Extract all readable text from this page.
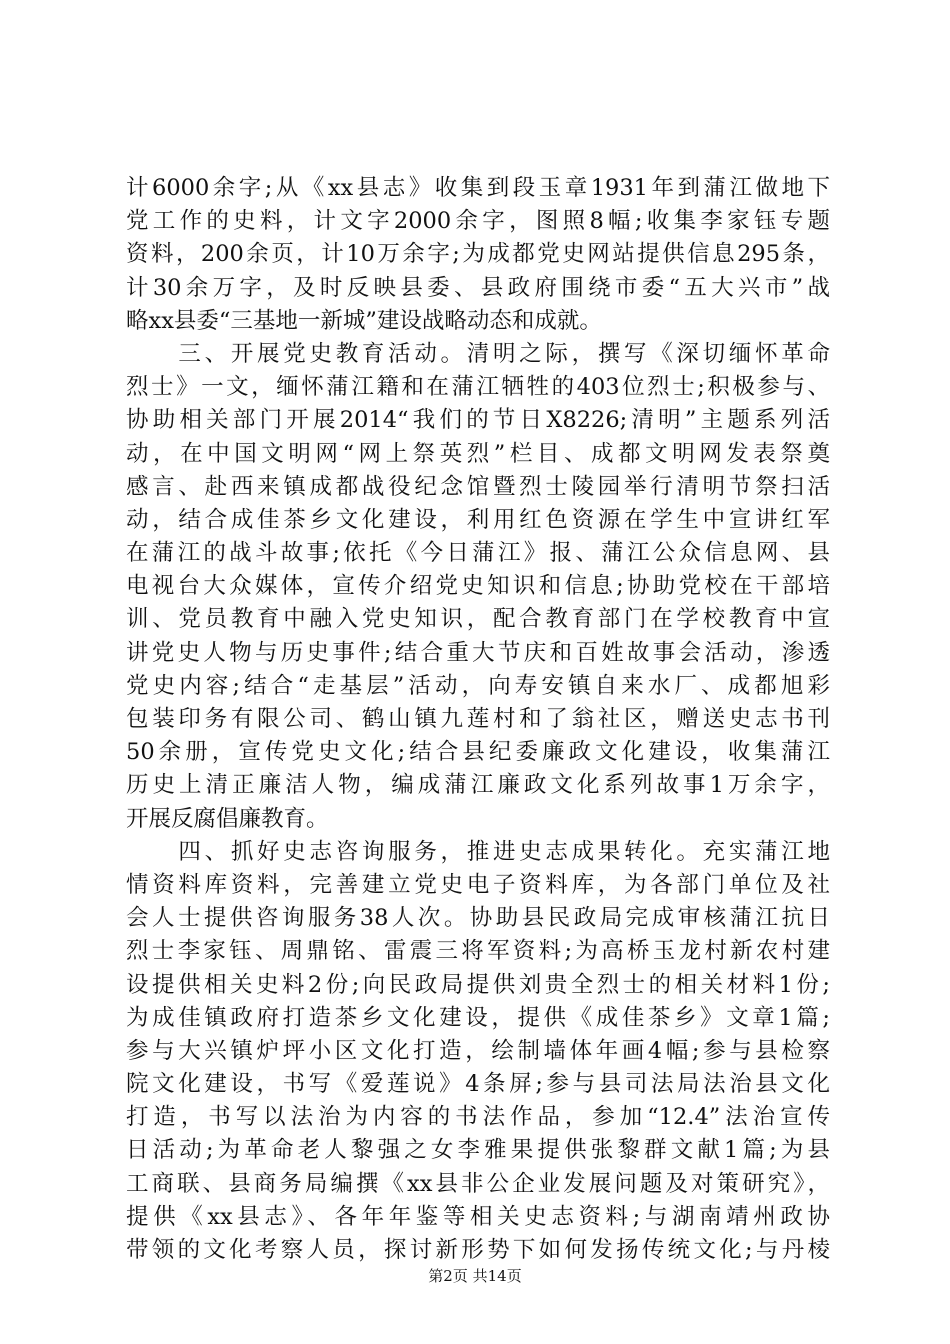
计6000余字;从《xx县志》收集到段玉章1931年到蒲江做地下
党工作的史料，计文字2000余字，图照8幅;收集李家钰专题
资料，200余页，计10万余字;为成都党史网站提供信息295条，
计30余万字，及时反映县委、县政府围绕市委“五大兴市”战
略xx县委“三基地一新城”建设战略动态和成就。
　　三、开展党史教育活动。清明之际，撰写《深切缅怀革命
烈士》一文，缅怀蒲江籍和在蒲江牺牲的403位烈士;积极参与、
协助相关部门开展2014“我们的节日X8226;清明”主题系列活
动，在中国文明网“网上祭英烈”栏目、成都文明网发表祭奠
感言、赴西来镇成都战役纪念馆暨烈士陵园举行清明节祭扫活
动，结合成佳茶乡文化建设，利用红色资源在学生中宣讲红军
在蒲江的战斗故事;依托《今日蒲江》报、蒲江公众信息网、县
电视台大众媒体，宣传介绍党史知识和信息;协助党校在干部培
训、党员教育中融入党史知识，配合教育部门在学校教育中宣
讲党史人物与历史事件;结合重大节庆和百姓故事会活动，渗透
党史内容;结合“走基层”活动，向寿安镇自来水厂、成都旭彩
包装印务有限公司、鹤山镇九莲村和了翁社区，赠送史志书刊
50余册，宣传党史文化;结合县纪委廉政文化建设，收集蒲江
历史上清正廉洁人物，编成蒲江廉政文化系列故事1万余字，
开展反腐倡廉教育。
　　四、抓好史志咨询服务，推进史志成果转化。充实蒲江地
情资料库资料，完善建立党史电子资料库，为各部门单位及社
会人士提供咨询服务38人次。协助县民政局完成审核蒲江抗日
烈士李家钰、周鼎铭、雷震三将军资料;为高桥玉龙村新农村建
设提供相关史料2份;向民政局提供刘贵全烈士的相关材料1份;
为成佳镇政府打造茶乡文化建设，提供《成佳茶乡》文章1篇;
参与大兴镇炉坪小区文化打造，绘制墙体年画4幅;参与县检察
院文化建设，书写《爱莲说》4条屏;参与县司法局法治县文化
打造，书写以法治为内容的书法作品，参加“12.4”法治宣传
日活动;为革命老人黎强之女李雅果提供张黎群文献1篇;为县
工商联、县商务局编撰《xx县非公企业发展问题及对策研究》，
提供《xx县志》、各年年鉴等相关史志资料;与湖南靖州政协
带领的文化考察人员，探讨新形势下如何发扬传统文化;与丹棱
第2页 共14页
